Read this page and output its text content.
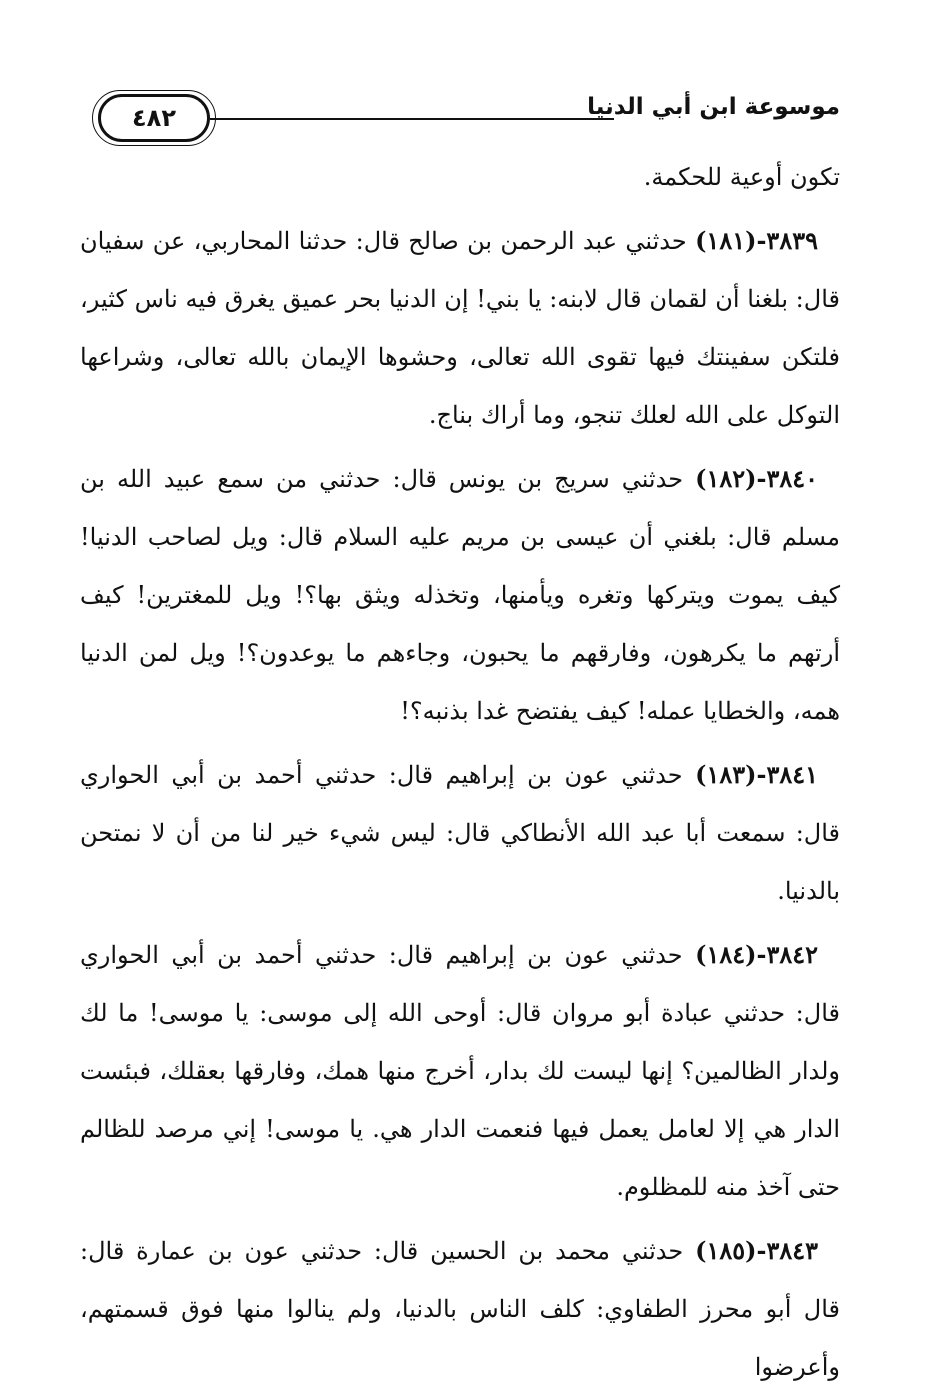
٤٨٢	موسوعة ابن أبي الدنيا

تكون أوعية للحكمة.

٣٨٣٩-(١٨١) حدثني عبد الرحمن بن صالح قال: حدثنا المحاربي، عن سفيان قال: بلغنا أن لقمان قال لابنه: يا بني! إن الدنيا بحر عميق يغرق فيه ناس كثير، فلتكن سفينتك فيها تقوى الله تعالى، وحشوها الإيمان بالله تعالى، وشراعها التوكل على الله لعلك تنجو، وما أراك بناج.

٣٨٤٠-(١٨٢) حدثني سريج بن يونس قال: حدثني من سمع عبيد الله بن مسلم قال: بلغني أن عيسى بن مريم عليه السلام قال: ويل لصاحب الدنيا! كيف يموت ويتركها وتغره ويأمنها، وتخذله ويثق بها؟! ويل للمغترين! كيف أرتهم ما يكرهون، وفارقهم ما يحبون، وجاءهم ما يوعدون؟! ويل لمن الدنيا همه، والخطايا عمله! كيف يفتضح غدا بذنبه؟!

٣٨٤١-(١٨٣) حدثني عون بن إبراهيم قال: حدثني أحمد بن أبي الحواري قال: سمعت أبا عبد الله الأنطاكي قال: ليس شيء خير لنا من أن لا نمتحن بالدنيا.

٣٨٤٢-(١٨٤) حدثني عون بن إبراهيم قال: حدثني أحمد بن أبي الحواري قال: حدثني عبادة أبو مروان قال: أوحى الله إلى موسى: يا موسى! ما لك ولدار الظالمين؟ إنها ليست لك بدار، أخرج منها همك، وفارقها بعقلك، فبئست الدار هي إلا لعامل يعمل فيها فنعمت الدار هي. يا موسى! إني مرصد للظالم حتى آخذ منه للمظلوم.

٣٨٤٣-(١٨٥) حدثني محمد بن الحسين قال: حدثني عون بن عمارة قال: قال أبو محرز الطفاوي: كلف الناس بالدنيا، ولم ينالوا منها فوق قسمتهم، وأعرضوا
